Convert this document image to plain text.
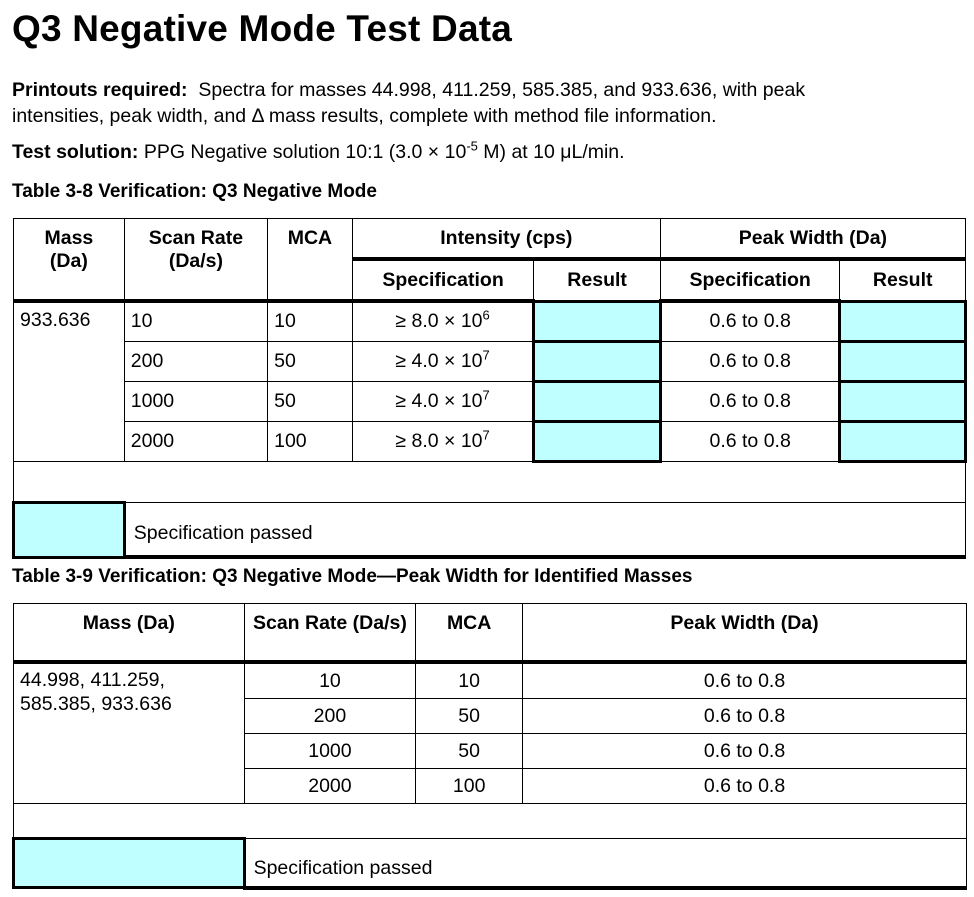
Q3 Negative Mode Test Data
Printouts required: Spectra for masses 44.998, 411.259, 585.385, and 933.636, with peak
intensities, peak width, and Δ mass results, complete with method file information.
Test solution: PPG Negative solution 10:1 ($3.0 \times 10^{-5}$ M) at 10 μL/min.
Table 3-8 Verification: Q3 Negative Mode
Mass (Da)	Scan Rate (Da/s)	MCA	Intensity (cps)		Peak Width (Da)	
			Specification	Result	Specification	Result
933.636	10	10	≥ $8.0 \times 10^6$		0.6 to 0.8	
	200	50	≥ $4.0 \times 10^7$		0.6 to 0.8	
	1000	50	≥ $4.0 \times 10^7$		0.6 to 0.8	
	2000	100	≥ $8.0 \times 10^7$		0.6 to 0.8	

	Specification passed					
Table 3-9 Verification: Q3 Negative Mode—Peak Width for Identified Masses
Mass (Da)	Scan Rate (Da/s)	MCA	Peak Width (Da)
44.998, 411.259, 585.385, 933.636	10	10	0.6 to 0.8
	200	50	0.6 to 0.8
	1000	50	0.6 to 0.8
	2000	100	0.6 to 0.8

	Specification passed		
